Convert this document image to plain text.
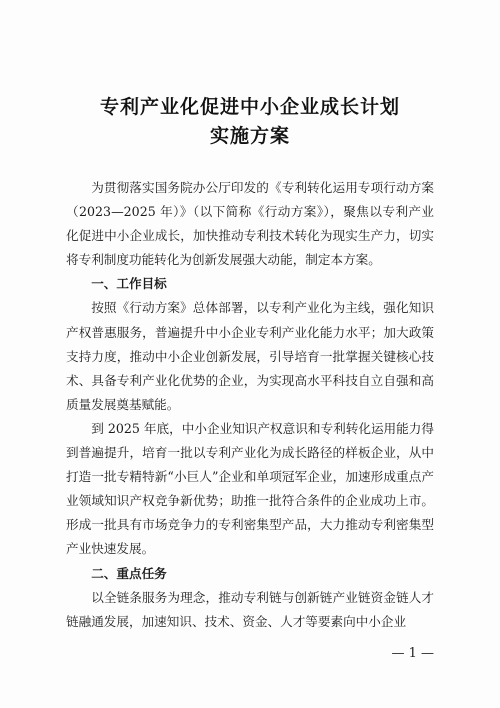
专利产业化促进中小企业成长计划
实施方案

为贯彻落实国务院办公厅印发的《专利转化运用专项行动方案（2023—2025 年）》（以下简称《行动方案》），聚焦以专利产业化促进中小企业成长，加快推动专利技术转化为现实生产力，切实将专利制度功能转化为创新发展强大动能，制定本方案。

一、工作目标

按照《行动方案》总体部署，以专利产业化为主线，强化知识产权普惠服务，普遍提升中小企业专利产业化能力水平；加大政策支持力度，推动中小企业创新发展，引导培育一批掌握关键核心技术、具备专利产业化优势的企业，为实现高水平科技自立自强和高质量发展奠基赋能。

到 2025 年底，中小企业知识产权意识和专利转化运用能力得到普遍提升，培育一批以专利产业化为成长路径的样板企业，从中打造一批专精特新“小巨人”企业和单项冠军企业，加速形成重点产业领域知识产权竞争新优势；助推一批符合条件的企业成功上市。形成一批具有市场竞争力的专利密集型产品，大力推动专利密集型产业快速发展。

二、重点任务

以全链条服务为理念，推动专利链与创新链产业链资金链人才链融通发展，加速知识、技术、资金、人才等要素向中小企业

— 1 —
